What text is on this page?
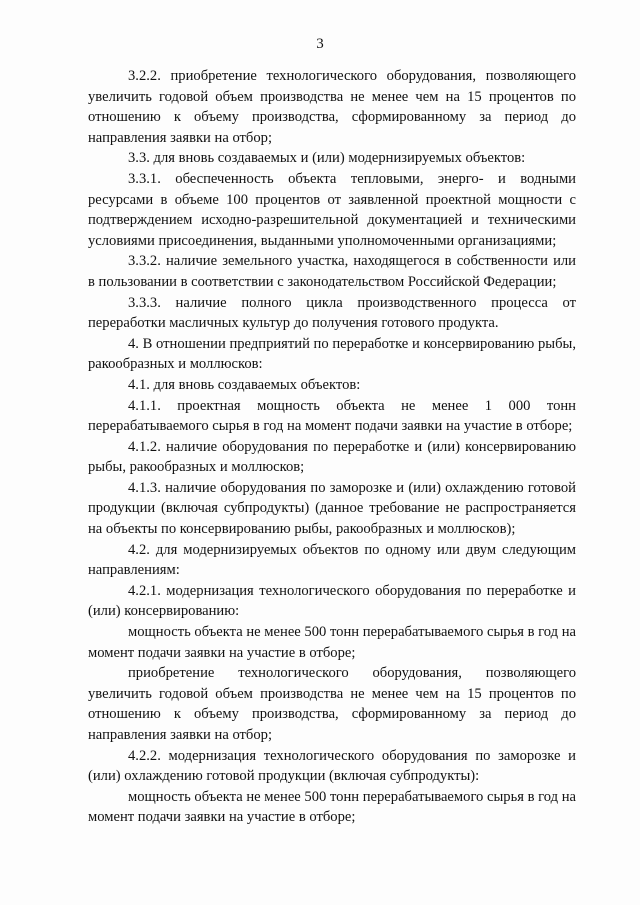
3

3.2.2. приобретение технологического оборудования, позволяющего увеличить годовой объем производства не менее чем на 15 процентов по отношению к объему производства, сформированному за период до направления заявки на отбор;

3.3. для вновь создаваемых и (или) модернизируемых объектов:

3.3.1. обеспеченность объекта тепловыми, энерго- и водными ресурсами в объеме 100 процентов от заявленной проектной мощности с подтверждением исходно-разрешительной документацией и техническими условиями присоединения, выданными уполномоченными организациями;

3.3.2. наличие земельного участка, находящегося в собственности или в пользовании в соответствии с законодательством Российской Федерации;

3.3.3. наличие полного цикла производственного процесса от переработки масличных культур до получения готового продукта.

4. В отношении предприятий по переработке и консервированию рыбы, ракообразных и моллюсков:

4.1. для вновь создаваемых объектов:

4.1.1. проектная мощность объекта не менее 1 000 тонн перерабатываемого сырья в год на момент подачи заявки на участие в отборе;

4.1.2. наличие оборудования по переработке и (или) консервированию рыбы, ракообразных и моллюсков;

4.1.3. наличие оборудования по заморозке и (или) охлаждению готовой продукции (включая субпродукты) (данное требование не распространяется на объекты по консервированию рыбы, ракообразных и моллюсков);

4.2. для модернизируемых объектов по одному или двум следующим направлениям:

4.2.1. модернизация технологического оборудования по переработке и (или) консервированию:

мощность объекта не менее 500 тонн перерабатываемого сырья в год на момент подачи заявки на участие в отборе;

приобретение технологического оборудования, позволяющего увеличить годовой объем производства не менее чем на 15 процентов по отношению к объему производства, сформированному за период до направления заявки на отбор;

4.2.2. модернизация технологического оборудования по заморозке и (или) охлаждению готовой продукции (включая субпродукты):

мощность объекта не менее 500 тонн перерабатываемого сырья в год на момент подачи заявки на участие в отборе;
